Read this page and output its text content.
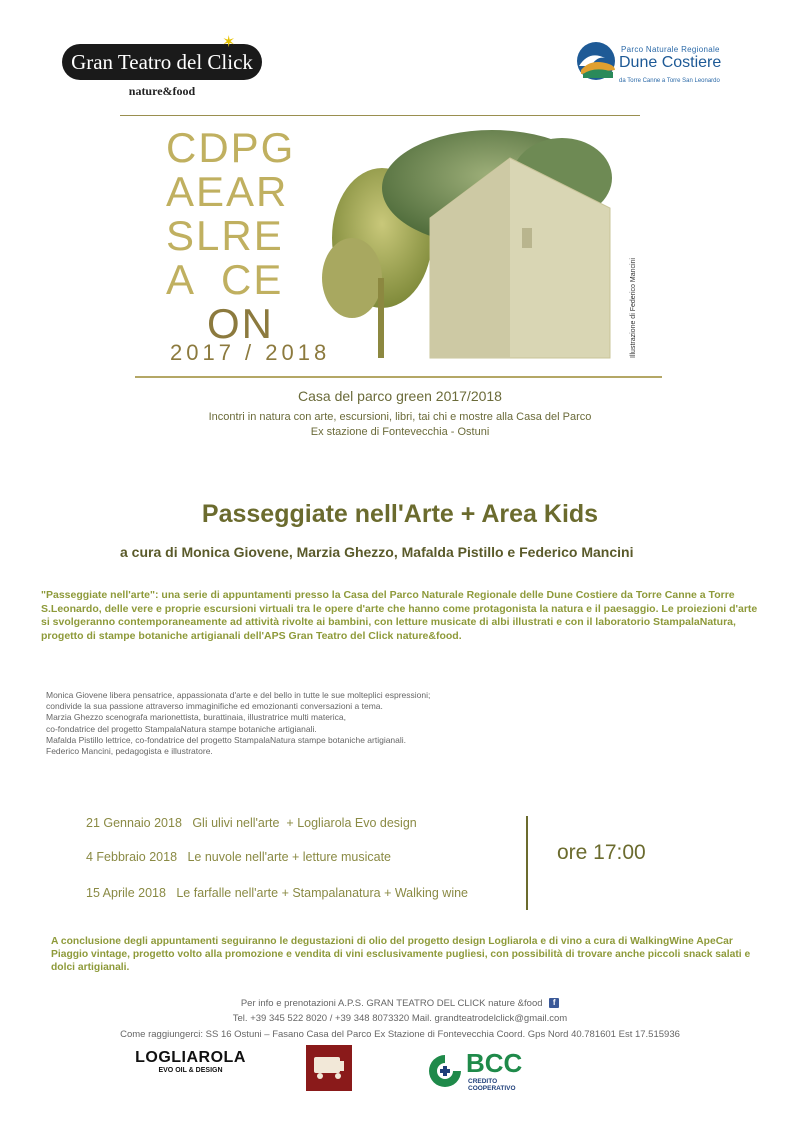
Gran Teatro del Click
✶
nature&food
Parco Naturale Regionale
Dune Costiere
da Torre Canne a Torre San Leonardo
CDPG
AEAR
SLRE
A  CE
ON
2017 / 2018	Illustrazione di Federico Mancini
Casa del parco green 2017/2018
Incontri in natura con arte, escursioni, libri, tai chi e mostre alla Casa del Parco
Ex stazione di Fontevecchia - Ostuni
Passeggiate nell'Arte + Area Kids
a cura di Monica Giovene, Marzia Ghezzo, Mafalda Pistillo e Federico Mancini
"Passeggiate nell'arte": una serie di appuntamenti presso la Casa del Parco Naturale Regionale delle Dune Costiere da Torre Canne a Torre S.Leonardo, delle vere e proprie escursioni virtuali tra le opere d'arte che hanno come protagonista la natura e il paesaggio. Le proiezioni d'arte si svolgeranno contemporaneamente ad attività rivolte ai bambini, con letture musicate di albi illustrati e con il laboratorio StampalaNatura, progetto di stampe botaniche artigianali dell'APS Gran Teatro del Click nature&food.
Monica Giovene libera pensatrice, appassionata d'arte e del bello in tutte le sue molteplici espressioni;
condivide la sua passione attraverso immaginifiche ed emozionanti conversazioni a tema.
Marzia Ghezzo scenografa marionettista, burattinaia, illustratrice multi materica,
co-fondatrice del progetto StampalaNatura stampe botaniche artigianali.
Mafalda Pistillo lettrice, co-fondatrice del progetto StampalaNatura stampe botaniche artigianali.
Federico Mancini, pedagogista e illustratore.
21 Gennaio 2018   Gli ulivi nell'arte  + Logliarola Evo design
4 Febbraio 2018   Le nuvole nell'arte + letture musicate
15 Aprile 2018   Le farfalle nell'arte + Stampalanatura + Walking wine
ore 17:00
A conclusione degli appuntamenti seguiranno le degustazioni di olio del progetto design Logliarola e di vino a cura di WalkingWine ApeCar Piaggio vintage, progetto volto alla promozione e vendita di vini esclusivamente pugliesi, con possibilità di trovare anche piccoli snack salati e dolci artigianali.
Per info e prenotazioni A.P.S. GRAN TEATRO DEL CLICK nature &food f
Tel. +39 345 522 8020 / +39 348 8073320 Mail. grandteatrodelclick@gmail.com
Come raggiungerci: SS 16 Ostuni – Fasano Casa del Parco Ex Stazione di Fontevecchia Coord. Gps Nord 40.781601 Est 17.515936
LOGLIAROLA
EVO OIL & DESIGN	BCC
CREDITO COOPERATIVO
